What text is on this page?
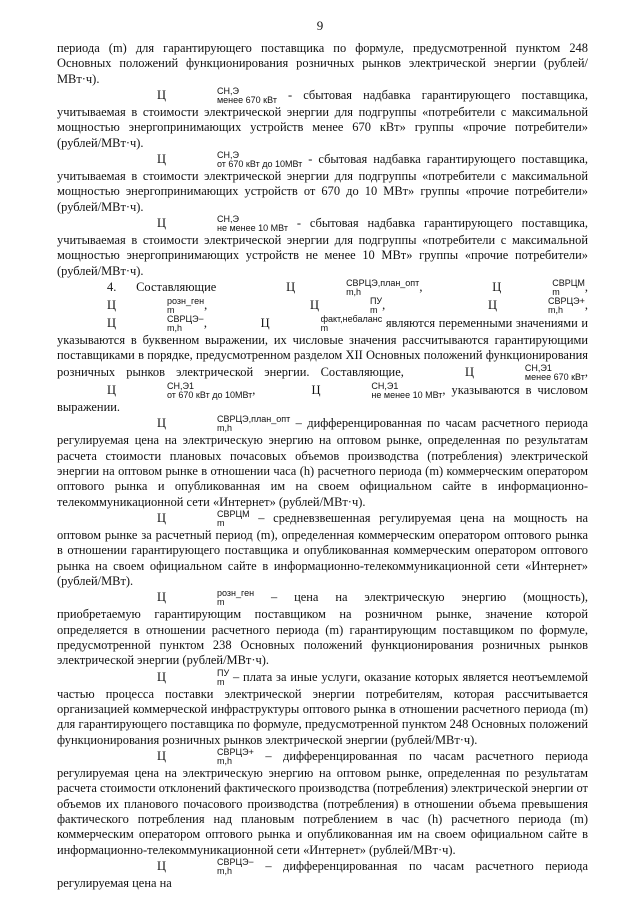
9

периода (m) для гарантирующего поставщика по формуле, предусмотренной пунктом 248 Основных положений функционирования розничных рынков электрической энергии (рублей/МВт·ч).

Ц	СН,Э
менее 670 кВт - сбытовая надбавка гарантирующего поставщика, учитываемая в стоимости электрической энергии для подгруппы «потребители с максимальной мощностью энергопринимающих устройств менее 670 кВт» группы «прочие потребители» (рублей/МВт·ч).

Ц	СН,Э
от 670 кВт до 10МВт - сбытовая надбавка гарантирующего поставщика, учитываемая в стоимости электрической энергии для подгруппы «потребители с максимальной мощностью энергопринимающих устройств от 670 до 10 МВт» группы «прочие потребители» (рублей/МВт·ч).

Ц	СН,Э
не менее 10 МВт - сбытовая надбавка гарантирующего поставщика, учитываемая в стоимости электрической энергии для подгруппы «потребители с максимальной мощностью энергопринимающих устройств не менее 10 МВт» группы «прочие потребители» (рублей/МВт·ч).

4. Составляющие	Ц	СВРЦЭ,план_опт
m,h	,	Ц	СВРЦМ
m	, Ц	розн_ген
m	,	Ц	ПУ
m ,	Ц	СВРЦЭ+
m,h	, Ц	СВРЦЭ−
m,h	,	Ц	факт,небаланс
m	являются переменными значениями и указываются в буквенном выражении, их числовые значения рассчитываются гарантирующими поставщиками в порядке, предусмотренном разделом XII Основных положений функционирования розничных рынков электрической энергии. Составляющие,	Ц	СН,Э1
менее 670 кВт , Ц	СН,Э1
от 670 кВт до 10МВт ,	Ц	СН,Э1
не менее 10 МВт , указываются в числовом выражении.

Ц	СВРЦЭ,план_опт
m,h	– дифференцированная по часам расчетного периода регулируемая цена на электрическую энергию на оптовом рынке, определенная по результатам расчета стоимости плановых почасовых объемов производства (потребления) электрической энергии на оптовом рынке в отношении часа (h) расчетного периода (m) коммерческим оператором оптового рынка и опубликованная им на своем официальном сайте в информационно-телекоммуникационной сети «Интернет» (рублей/МВт·ч).

Ц	СВРЦМ
m	– средневзвешенная регулируемая цена на мощность на оптовом рынке за расчетный период (m), определенная коммерческим оператором оптового рынка в отношении гарантирующего поставщика и опубликованная коммерческим оператором оптового рынка на своем официальном сайте в информационно-телекоммуникационной сети «Интернет» (рублей/МВт).

Ц	розн_ген
m	– цена на электрическую энергию (мощность), приобретаемую гарантирующим поставщиком на розничном рынке, значение которой определяется в отношении расчетного периода (m) гарантирующим поставщиком по формуле, предусмотренной пунктом 238 Основных положений функционирования розничных рынков электрической энергии (рублей/МВт·ч).

Ц	ПУ
m – плата за иные услуги, оказание которых является неотъемлемой частью процесса поставки электрической энергии потребителям, которая рассчитывается организацией коммерческой инфраструктуры оптового рынка в отношении расчетного периода (m) для гарантирующего поставщика по формуле, предусмотренной пунктом 248 Основных положений функционирования розничных рынков электрической энергии (рублей/МВт·ч).

Ц	СВРЦЭ+
m,h	– дифференцированная по часам расчетного периода регулируемая цена на электрическую энергию на оптовом рынке, определенная по результатам расчета стоимости отклонений фактического производства (потребления) электрической энергии от объемов их планового почасового производства (потребления) в отношении объема превышения фактического потребления над плановым потреблением в час (h) расчетного периода (m) коммерческим оператором оптового рынка и опубликованная им на своем официальном сайте в информационно-телекоммуникационной сети «Интернет» (рублей/МВт·ч).

Ц	СВРЦЭ−
m,h	– дифференцированная по часам расчетного периода регулируемая цена на
